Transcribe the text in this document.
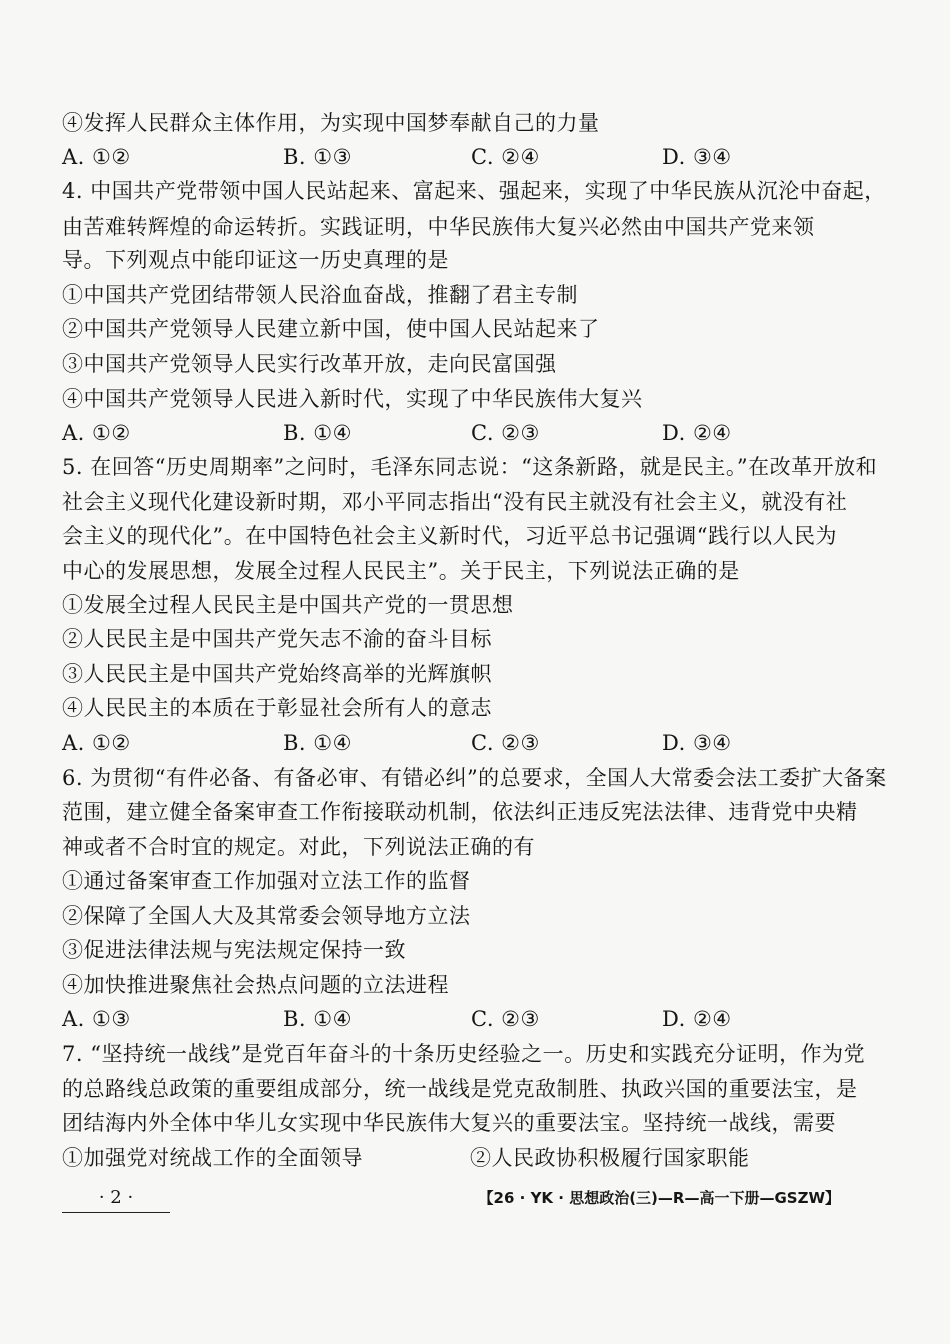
④发挥人民群众主体作用，为实现中国梦奉献自己的力量
A. ①②	B. ①③	C. ②④	D. ③④
4. 中国共产党带领中国人民站起来、富起来、强起来，实现了中华民族从沉沦中奋起，
由苦难转辉煌的命运转折。实践证明，中华民族伟大复兴必然由中国共产党来领
导。下列观点中能印证这一历史真理的是
①中国共产党团结带领人民浴血奋战，推翻了君主专制
②中国共产党领导人民建立新中国，使中国人民站起来了
③中国共产党领导人民实行改革开放，走向民富国强
④中国共产党领导人民进入新时代，实现了中华民族伟大复兴
A. ①②	B. ①④	C. ②③	D. ②④
5. 在回答“历史周期率”之问时，毛泽东同志说：“这条新路，就是民主。”在改革开放和
社会主义现代化建设新时期，邓小平同志指出“没有民主就没有社会主义，就没有社
会主义的现代化”。在中国特色社会主义新时代，习近平总书记强调“践行以人民为
中心的发展思想，发展全过程人民民主”。关于民主，下列说法正确的是
①发展全过程人民民主是中国共产党的一贯思想
②人民民主是中国共产党矢志不渝的奋斗目标
③人民民主是中国共产党始终高举的光辉旗帜
④人民民主的本质在于彰显社会所有人的意志
A. ①②	B. ①④	C. ②③	D. ③④
6. 为贯彻“有件必备、有备必审、有错必纠”的总要求，全国人大常委会法工委扩大备案
范围，建立健全备案审查工作衔接联动机制，依法纠正违反宪法法律、违背党中央精
神或者不合时宜的规定。对此，下列说法正确的有
①通过备案审查工作加强对立法工作的监督
②保障了全国人大及其常委会领导地方立法
③促进法律法规与宪法规定保持一致
④加快推进聚焦社会热点问题的立法进程
A. ①③	B. ①④	C. ②③	D. ②④
7. “坚持统一战线”是党百年奋斗的十条历史经验之一。历史和实践充分证明，作为党
的总路线总政策的重要组成部分，统一战线是党克敌制胜、执政兴国的重要法宝，是
团结海内外全体中华儿女实现中华民族伟大复兴的重要法宝。坚持统一战线，需要
①加强党对统战工作的全面领导	②人民政协积极履行国家职能
· 2 ·	【26 · YK · 思想政治(三)—R—高一下册—GSZW】
